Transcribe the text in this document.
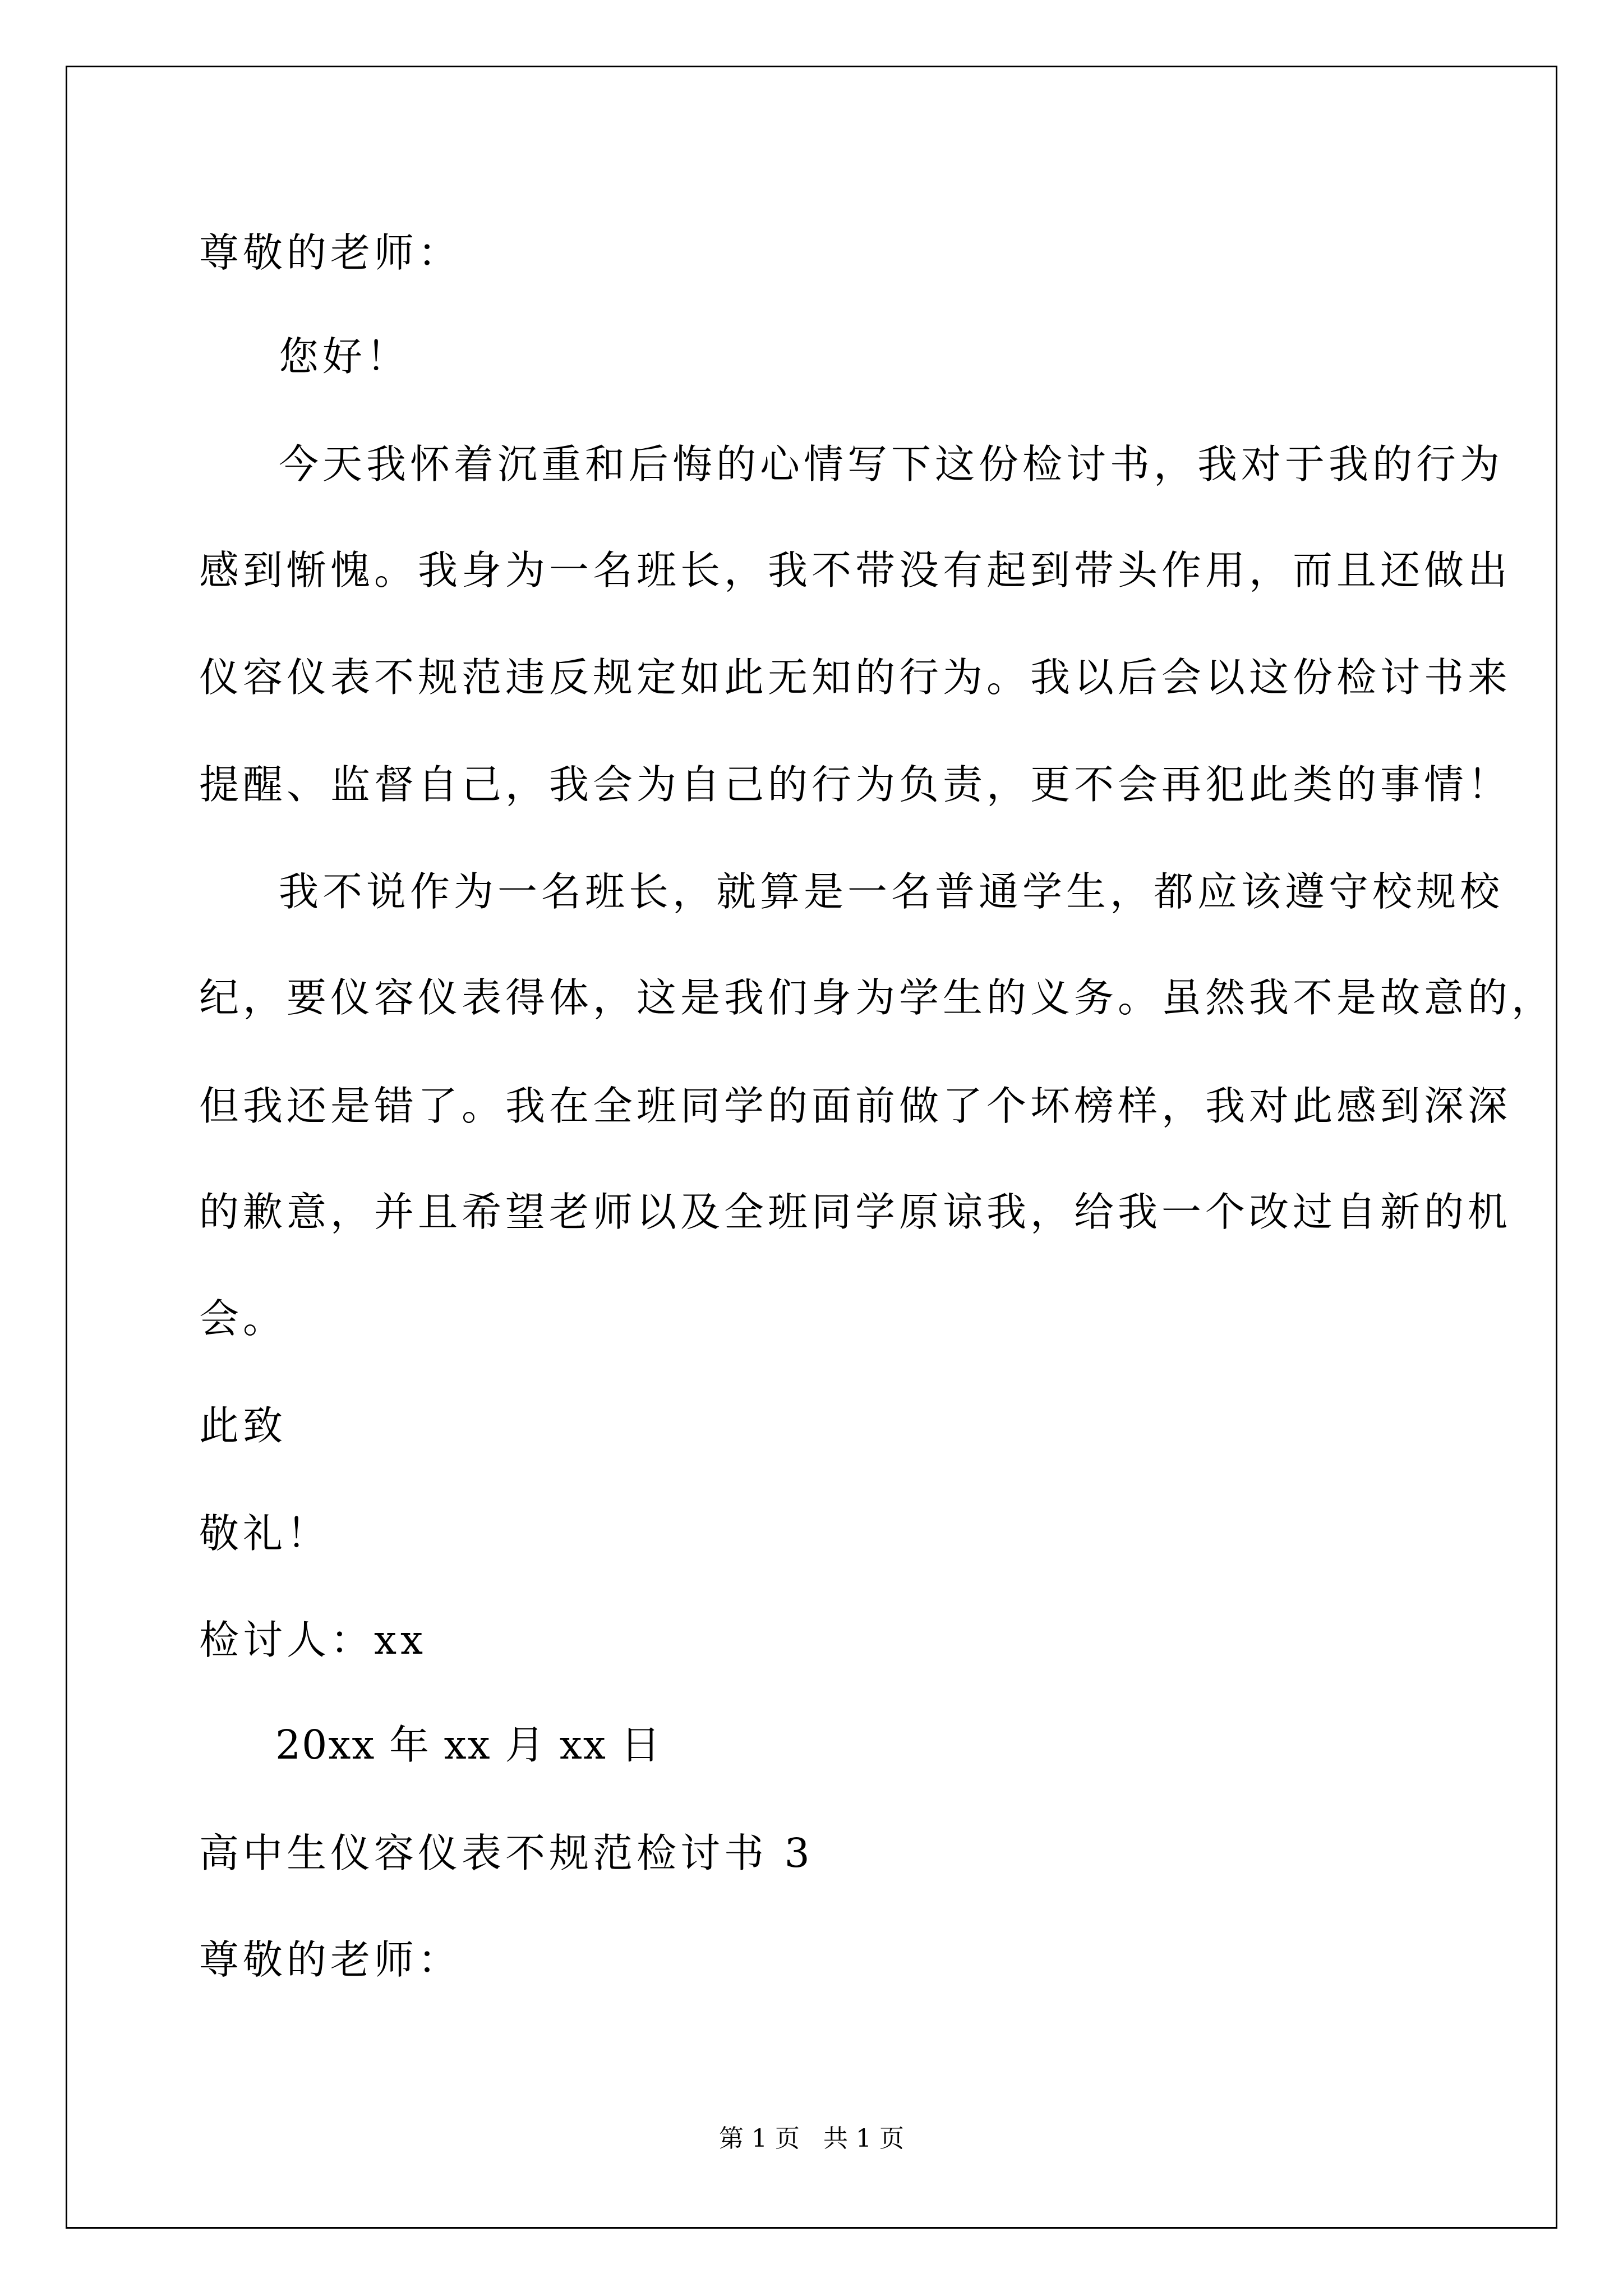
尊敬的老师：
您好！
今天我怀着沉重和后悔的心情写下这份检讨书，我对于我的行为
感到惭愧。我身为一名班长，我不带没有起到带头作用，而且还做出
仪容仪表不规范违反规定如此无知的行为。我以后会以这份检讨书来
提醒、监督自己，我会为自己的行为负责，更不会再犯此类的事情！
我不说作为一名班长，就算是一名普通学生，都应该遵守校规校
纪，要仪容仪表得体，这是我们身为学生的义务。虽然我不是故意的，
但我还是错了。我在全班同学的面前做了个坏榜样，我对此感到深深
的歉意，并且希望老师以及全班同学原谅我，给我一个改过自新的机
会。
此致
敬礼！
检讨人：xx
20xx 年 xx 月 xx 日
高中生仪容仪表不规范检讨书 3
尊敬的老师：
第 1 页   共 1 页
